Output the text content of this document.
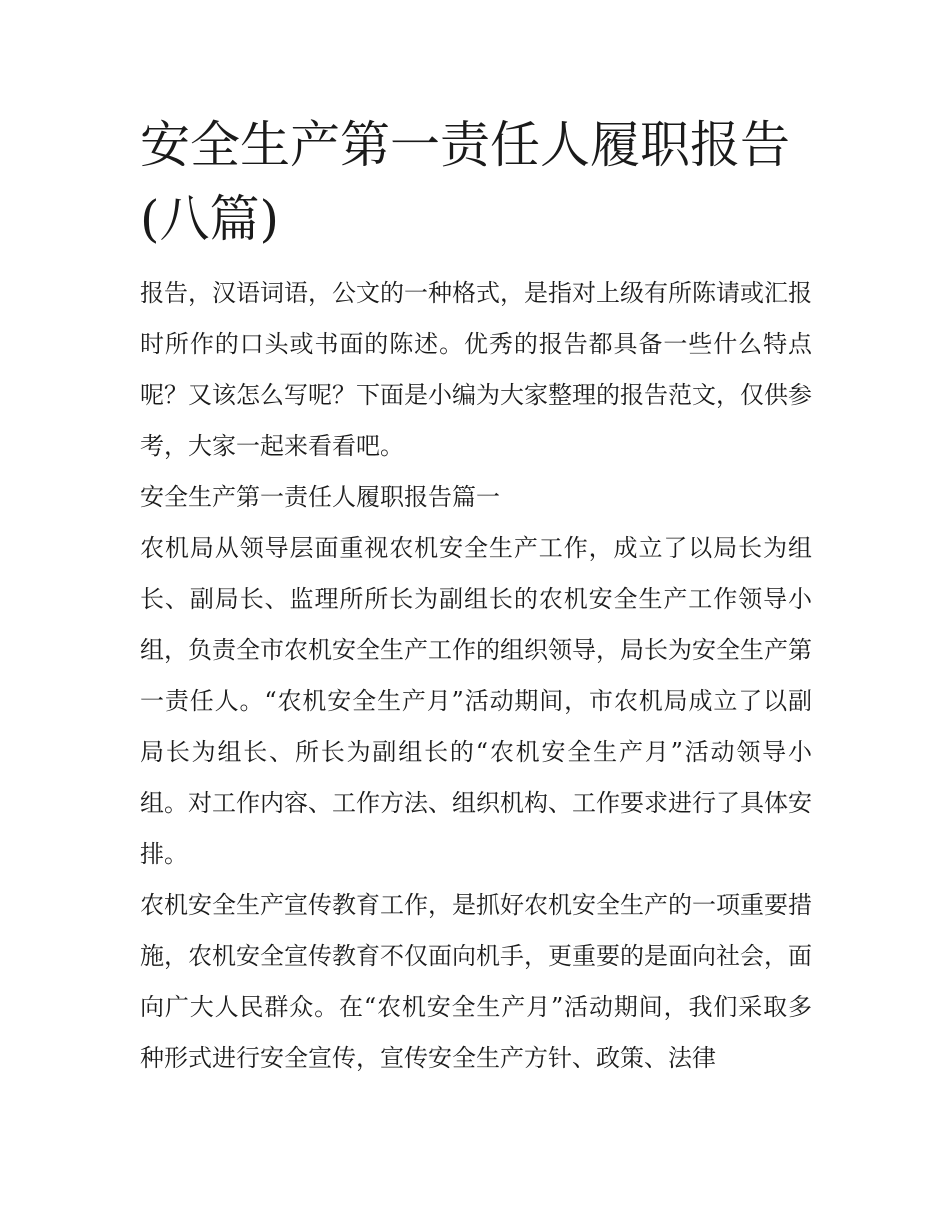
安全生产第一责任人履职报告(八篇)

报告，汉语词语，公文的一种格式，是指对上级有所陈请或汇报时所作的口头或书面的陈述。优秀的报告都具备一些什么特点呢？又该怎么写呢？下面是小编为大家整理的报告范文，仅供参考，大家一起来看看吧。

安全生产第一责任人履职报告篇一

农机局从领导层面重视农机安全生产工作，成立了以局长为组长、副局长、监理所所长为副组长的农机安全生产工作领导小组，负责全市农机安全生产工作的组织领导，局长为安全生产第一责任人。“农机安全生产月”活动期间，市农机局成立了以副局长为组长、所长为副组长的“农机安全生产月”活动领导小组。对工作内容、工作方法、组织机构、工作要求进行了具体安排。

农机安全生产宣传教育工作，是抓好农机安全生产的一项重要措施，农机安全宣传教育不仅面向机手，更重要的是面向社会，面向广大人民群众。在“农机安全生产月”活动期间，我们采取多种形式进行安全宣传，宣传安全生产方针、政策、法律
